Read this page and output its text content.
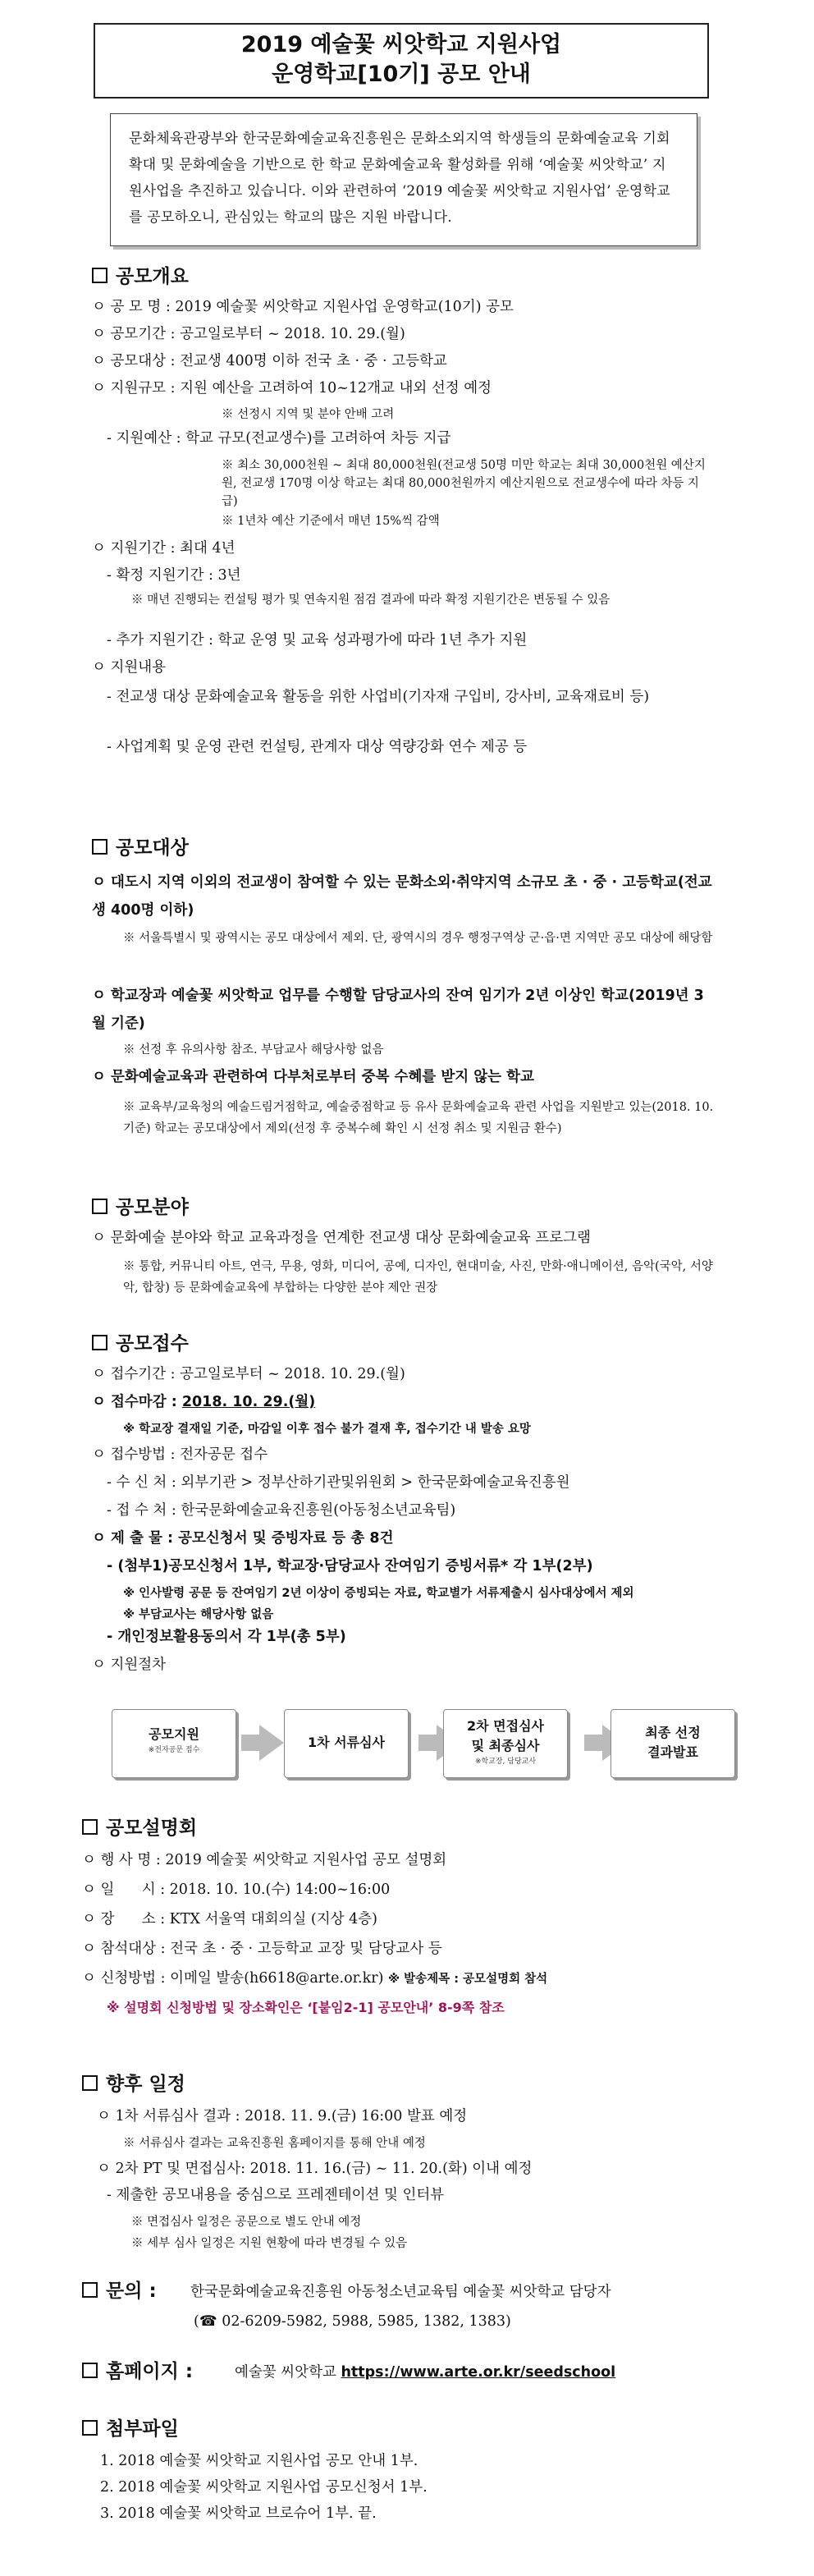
2019 예술꽃 씨앗학교 지원사업
운영학교[10기] 공모 안내
문화체육관광부와 한국문화예술교육진흥원은 문화소외지역 학생들의 문화예술교육 기회 확대 및 문화예술을 기반으로 한 학교 문화예술교육 활성화를 위해 ‘예술꽃 씨앗학교’ 지원사업을 추진하고 있습니다. 이와 관련하여 ‘2019 예술꽃 씨앗학교 지원사업’ 운영학교를 공모하오니, 관심있는 학교의 많은 지원 바랍니다.
공모개요
ㅇ 공 모 명 : 2019 예술꽃 씨앗학교 지원사업 운영학교(10기) 공모
ㅇ 공모기간 : 공고일로부터 ~ 2018. 10. 29.(월)
ㅇ 공모대상 : 전교생 400명 이하 전국 초 · 중 · 고등학교
ㅇ 지원규모 : 지원 예산을 고려하여 10~12개교 내외 선정 예정
※ 선정시 지역 및 분야 안배 고려
- 지원예산 : 학교 규모(전교생수)를 고려하여 차등 지급
※ 최소 30,000천원 ~ 최대 80,000천원(전교생 50명 미만 학교는 최대 30,000천원 예산지원, 전교생 170명 이상 학교는 최대 80,000천원까지 예산지원으로 전교생수에 따라 차등 지급)
※ 1년차 예산 기준에서 매년 15%씩 감액
ㅇ 지원기간 : 최대 4년
- 확정 지원기간 : 3년
※ 매년 진행되는 컨설팅 평가 및 연속지원 점검 결과에 따라 확정 지원기간은 변동될 수 있음
- 추가 지원기간 : 학교 운영 및 교육 성과평가에 따라 1년 추가 지원
ㅇ 지원내용
- 전교생 대상 문화예술교육 활동을 위한 사업비(기자재 구입비, 강사비, 교육재료비 등)
- 사업계획 및 운영 관련 컨설팅, 관계자 대상 역량강화 연수 제공 등
공모대상
ㅇ 대도시 지역 이외의 전교생이 참여할 수 있는 문화소외·취약지역 소규모 초 · 중 · 고등학교(전교생 400명 이하)
※ 서울특별시 및 광역시는 공모 대상에서 제외. 단, 광역시의 경우 행정구역상 군·읍·면 지역만 공모 대상에 해당함
ㅇ 학교장과 예술꽃 씨앗학교 업무를 수행할 담당교사의 잔여 임기가 2년 이상인 학교(2019년 3월 기준)
※ 선정 후 유의사항 참조. 부담교사 해당사항 없음
ㅇ 문화예술교육과 관련하여 다부처로부터 중복 수혜를 받지 않는 학교
※ 교육부/교육청의 예술드림거점학교, 예술중점학교 등 유사 문화예술교육 관련 사업을 지원받고 있는(2018. 10. 기준) 학교는 공모대상에서 제외(선정 후 중복수혜 확인 시 선정 취소 및 지원금 환수)
공모분야
ㅇ 문화예술 분야와 학교 교육과정을 연계한 전교생 대상 문화예술교육 프로그램
※ 통합, 커뮤니티 아트, 연극, 무용, 영화, 미디어, 공예, 디자인, 현대미술, 사진, 만화·애니메이션, 음악(국악, 서양악, 합창) 등 문화예술교육에 부합하는 다양한 분야 제안 권장
공모접수
ㅇ 접수기간 : 공고일로부터 ~ 2018. 10. 29.(월)
ㅇ 접수마감 : 2018. 10. 29.(월)
※ 학교장 결재일 기준, 마감일 이후 접수 불가 결재 후, 접수기간 내 발송 요망
ㅇ 접수방법 : 전자공문 접수
- 수 신 처 : 외부기관 > 정부산하기관및위원회 > 한국문화예술교육진흥원
- 접 수 처 : 한국문화예술교육진흥원(아동청소년교육팀)
ㅇ 제 출 물 : 공모신청서 및 증빙자료 등 총 8건
- (첨부1)공모신청서 1부, 학교장·담당교사 잔여임기 증빙서류* 각 1부(2부)
※ 인사발령 공문 등 잔여임기 2년 이상이 증빙되는 자료, 학교별가 서류제출시 심사대상에서 제외
※ 부담교사는 해당사항 없음
- 개인정보활용동의서 각 1부(총 5부)
ㅇ 지원절차
공모지원
※전자공문 접수	1차 서류심사
2차 면접심사
및 최종심사
※학교장, 담당교사
최종 선정
결과발표
공모설명회
ㅇ 행 사 명 : 2019 예술꽃 씨앗학교 지원사업 공모 설명회
ㅇ 일      시 : 2018. 10. 10.(수) 14:00~16:00
ㅇ 장      소 : KTX 서울역 대회의실 (지상 4층)
ㅇ 참석대상 : 전국 초 · 중 · 고등학교 교장 및 담당교사 등
ㅇ 신청방법 : 이메일 발송(h6618@arte.or.kr) ※ 발송제목 : 공모설명회 참석
※ 설명회 신청방법 및 장소확인은 ‘[붙임2-1] 공모안내’ 8-9쪽 참조
향후 일정
ㅇ 1차 서류심사 결과 : 2018. 11. 9.(금) 16:00 발표 예정
※ 서류심사 결과는 교육진흥원 홈페이지를 통해 안내 예정
ㅇ 2차 PT 및 면접심사: 2018. 11. 16.(금) ~ 11. 20.(화) 이내 예정
- 제출한 공모내용을 중심으로 프레젠테이션 및 인터뷰
※ 면접심사 일정은 공문으로 별도 안내 예정
※ 세부 심사 일정은 지원 현황에 따라 변경될 수 있음
문의 : 한국문화예술교육진흥원 아동청소년교육팀 예술꽃 씨앗학교 담당자
(☎ 02-6209-5982, 5988, 5985, 1382, 1383)
홈페이지 :	예술꽃 씨앗학교 https://www.arte.or.kr/seedschool
첨부파일
1. 2018 예술꽃 씨앗학교 지원사업 공모 안내 1부.
2. 2018 예술꽃 씨앗학교 지원사업 공모신청서 1부.
3. 2018 예술꽃 씨앗학교 브로슈어 1부. 끝.
